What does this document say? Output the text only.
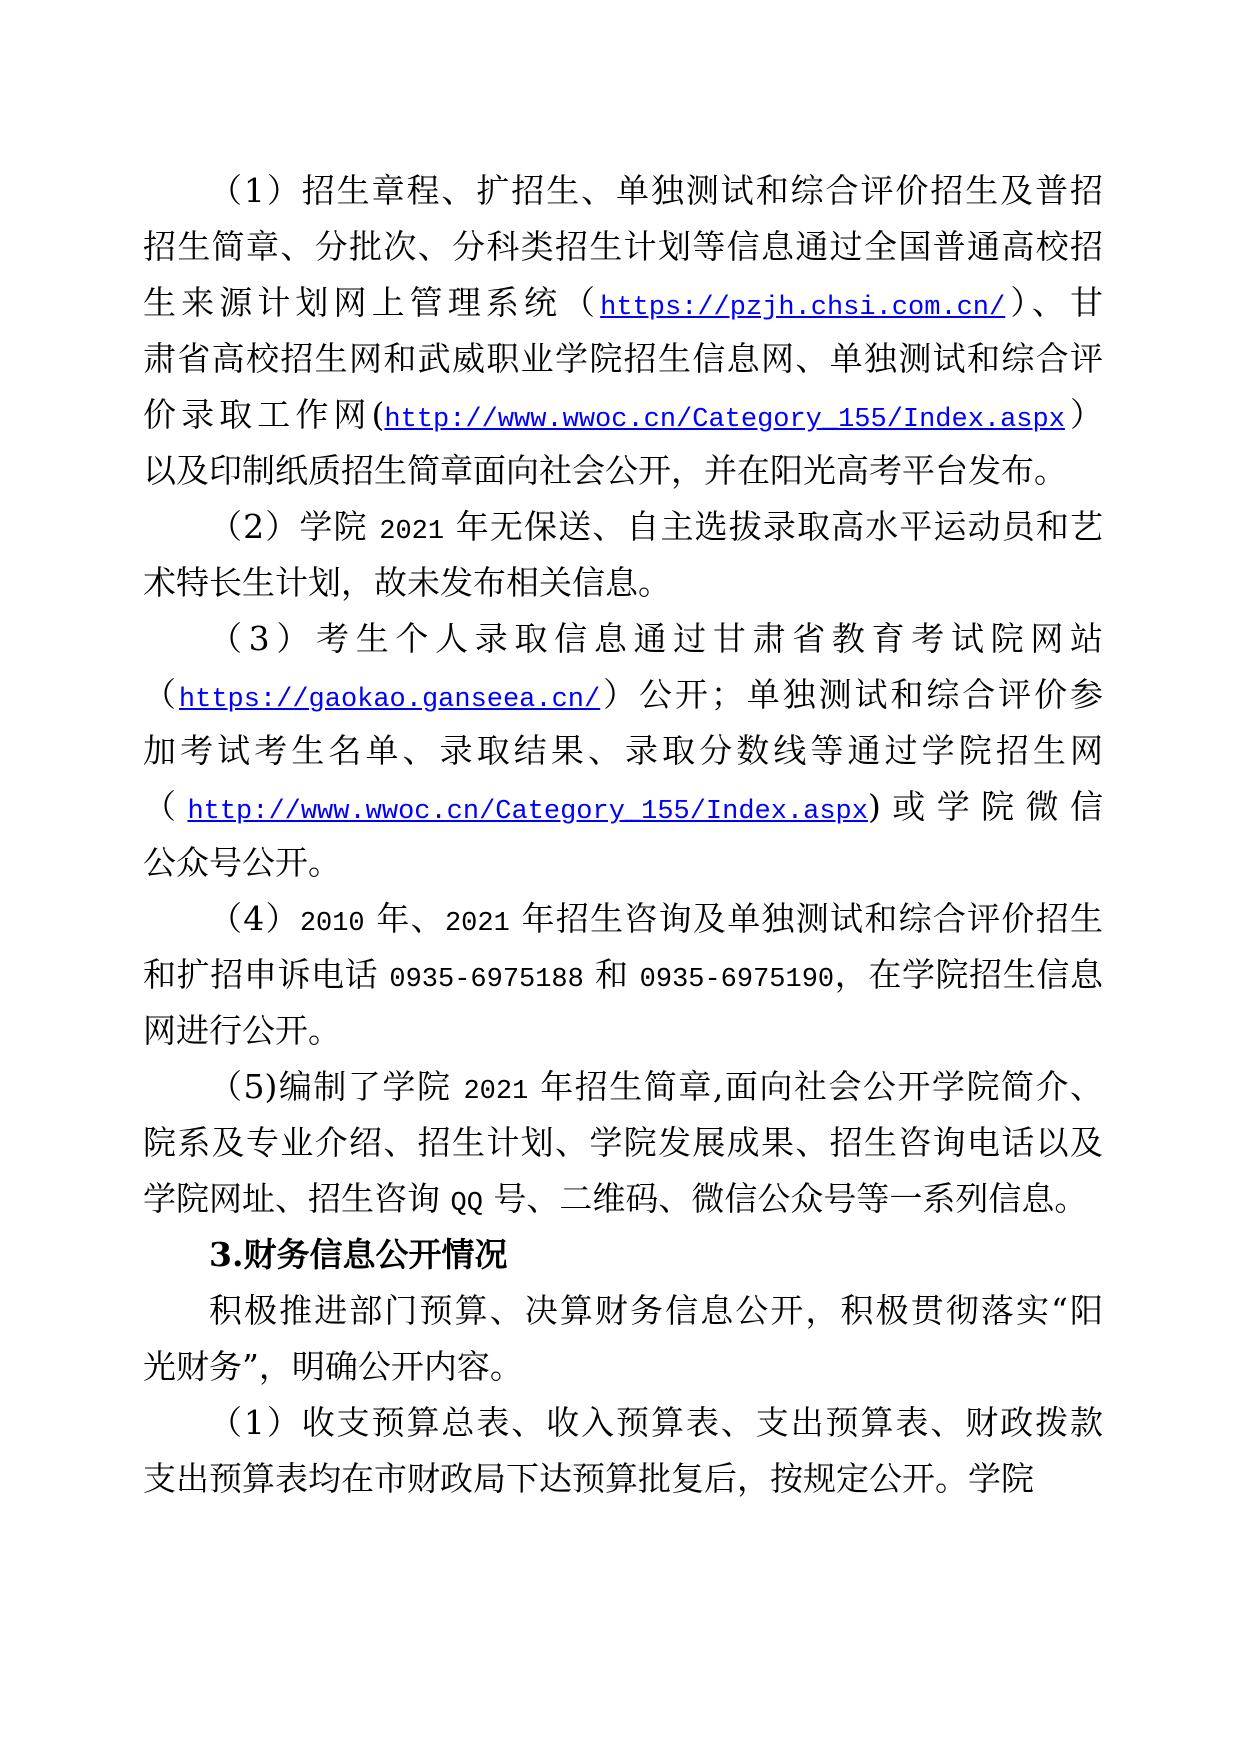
（1）招生章程、扩招生、单独测试和综合评价招生及普招
招生简章、分批次、分科类招生计划等信息通过全国普通高校招
生来源计划网上管理系统（https://pzjh.chsi.com.cn/）、甘
肃省高校招生网和武威职业学院招生信息网、单独测试和综合评
价录取工作网(http://www.wwoc.cn/Category_155/Index.aspx）
以及印制纸质招生简章面向社会公开，并在阳光高考平台发布。
（2）学院 2021 年无保送、自主选拔录取高水平运动员和艺
术特长生计划，故未发布相关信息。
（3）考生个人录取信息通过甘肃省教育考试院网站
（https://gaokao.ganseea.cn/）公开；单独测试和综合评价参
加考试考生名单、录取结果、录取分数线等通过学院招生网
（http://www.wwoc.cn/Category_155/Index.aspx)或学院微信
公众号公开。
（4）2010 年、2021 年招生咨询及单独测试和综合评价招生
和扩招申诉电话 0935-6975188 和 0935-6975190，在学院招生信息
网进行公开。
（5)编制了学院 2021 年招生简章,面向社会公开学院简介、
院系及专业介绍、招生计划、学院发展成果、招生咨询电话以及
学院网址、招生咨询 QQ 号、二维码、微信公众号等一系列信息。
3.财务信息公开情况
积极推进部门预算、决算财务信息公开，积极贯彻落实“阳
光财务”，明确公开内容。
（1）收支预算总表、收入预算表、支出预算表、财政拨款
支出预算表均在市财政局下达预算批复后，按规定公开。学院
